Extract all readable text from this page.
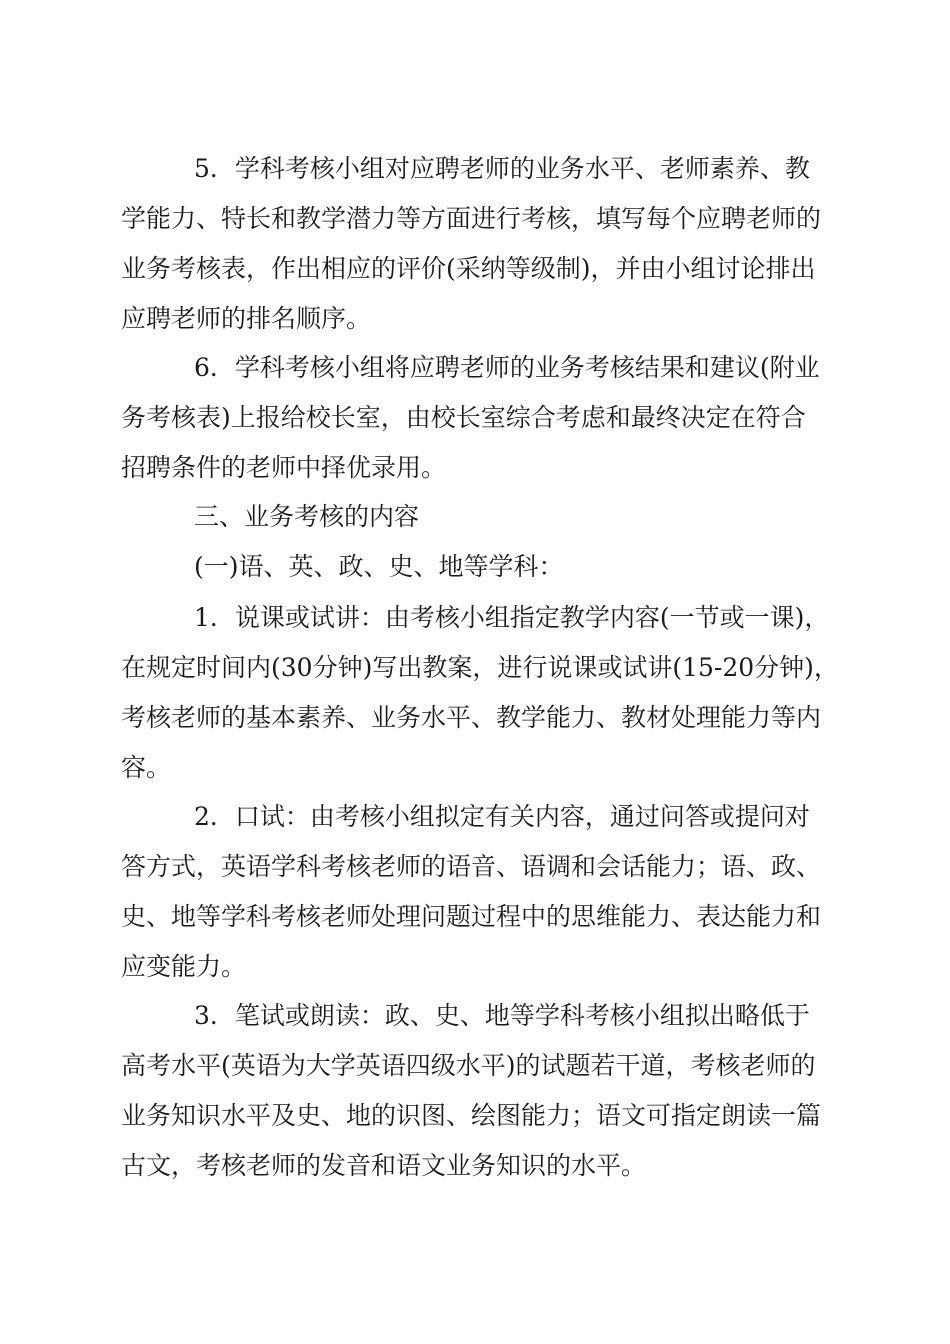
5．学科考核小组对应聘老师的业务水平、老师素养、教
学能力、特长和教学潜力等方面进行考核，填写每个应聘老师的
业务考核表，作出相应的评价(采纳等级制)，并由小组讨论排出
应聘老师的排名顺序。
6．学科考核小组将应聘老师的业务考核结果和建议(附业
务考核表)上报给校长室，由校长室综合考虑和最终决定在符合
招聘条件的老师中择优录用。
三、业务考核的内容
(一)语、英、政、史、地等学科：
1．说课或试讲：由考核小组指定教学内容(一节或一课)，
在规定时间内(30分钟)写出教案，进行说课或试讲(15-20分钟)，
考核老师的基本素养、业务水平、教学能力、教材处理能力等内
容。
2．口试：由考核小组拟定有关内容，通过问答或提问对
答方式，英语学科考核老师的语音、语调和会话能力；语、政、
史、地等学科考核老师处理问题过程中的思维能力、表达能力和
应变能力。
3．笔试或朗读：政、史、地等学科考核小组拟出略低于
高考水平(英语为大学英语四级水平)的试题若干道，考核老师的
业务知识水平及史、地的识图、绘图能力；语文可指定朗读一篇
古文，考核老师的发音和语文业务知识的水平。
